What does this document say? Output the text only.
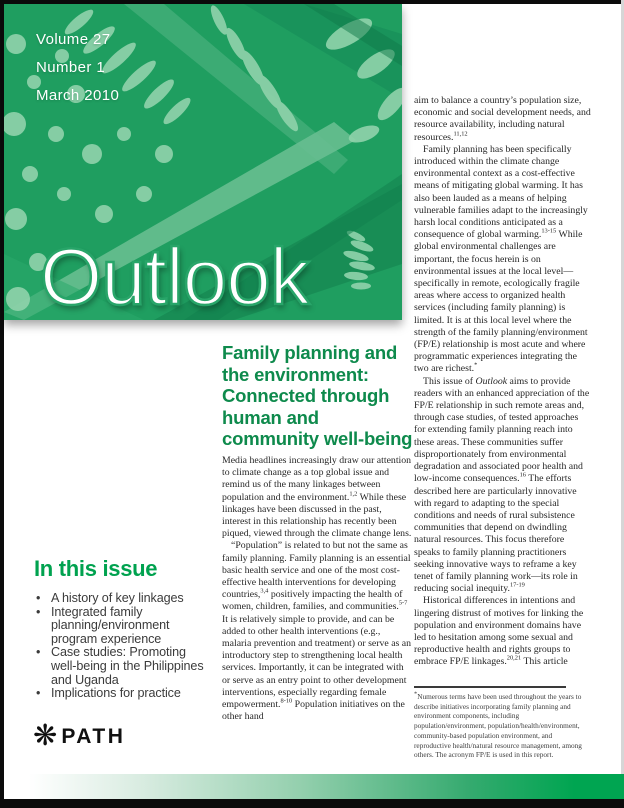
Volume 27
Number 1
March 2010
Outlook
Family planning and the environment: Connected through human and community well-being

Media headlines increasingly draw our attention to climate change as a top global issue and remind us of the many linkages between population and the environment.$^{1,2}$ While these linkages have been discussed in the past, interest in this relationship has recently been piqued, viewed through the climate change lens.

“Population” is related to but not the same as family planning. Family planning is an essential basic health service and one of the most cost-effective health interventions for developing countries,$^{3,4}$ positively impacting the health of women, children, families, and communities.$^{5-7}$ It is relatively simple to provide, and can be added to other health interventions (e.g., malaria prevention and treatment) or serve as an introductory step to strengthening local health services. Importantly, it can be integrated with or serve as an entry point to other development interventions, especially regarding female empowerment.$^{8-10}$ Population initiatives on the other hand

aim to balance a country’s population size, economic and social development needs, and resource availability, including natural resources.$^{11,12}$

Family planning has been specifically introduced within the climate change environmental context as a cost-effective means of mitigating global warming. It has also been lauded as a means of helping vulnerable families adapt to the increasingly harsh local conditions anticipated as a consequence of global warming.$^{13-15}$ While global environmental challenges are important, the focus herein is on environmental issues at the local level—specifically in remote, ecologically fragile areas where access to organized health services (including family planning) is limited. It is at this local level where the strength of the family planning/environment (FP/E) relationship is most acute and where programmatic experiences integrating the two are richest.*

This issue of Outlook aims to provide readers with an enhanced appreciation of the FP/E relationship in such remote areas and, through case studies, of tested approaches for extending family planning reach into these areas. These communities suffer disproportionately from environmental degradation and associated poor health and low-income consequences.$^{16}$ The efforts described here are particularly innovative with regard to adapting to the special conditions and needs of rural subsistence communities that depend on dwindling natural resources. This focus therefore speaks to family planning practitioners seeking innovative ways to reframe a key tenet of family planning work—its role in reducing social inequity.$^{17-19}$

Historical differences in intentions and lingering distrust of motives for linking the population and environment domains have led to hesitation among some sexual and reproductive health and rights groups to embrace FP/E linkages.$^{20,21}$ This article

*Numerous terms have been used throughout the years to describe initiatives incorporating family planning and environment components, including population/environment, population/health/environment, community-based population environment, and reproductive health/natural resource management, among others. The acronym FP/E is used in this report.
In this issue
• A history of key linkages
• Integrated family planning/environment program experience
• Case studies: Promoting well-being in the Philippines and Uganda
• Implications for practice
❋ PATH
